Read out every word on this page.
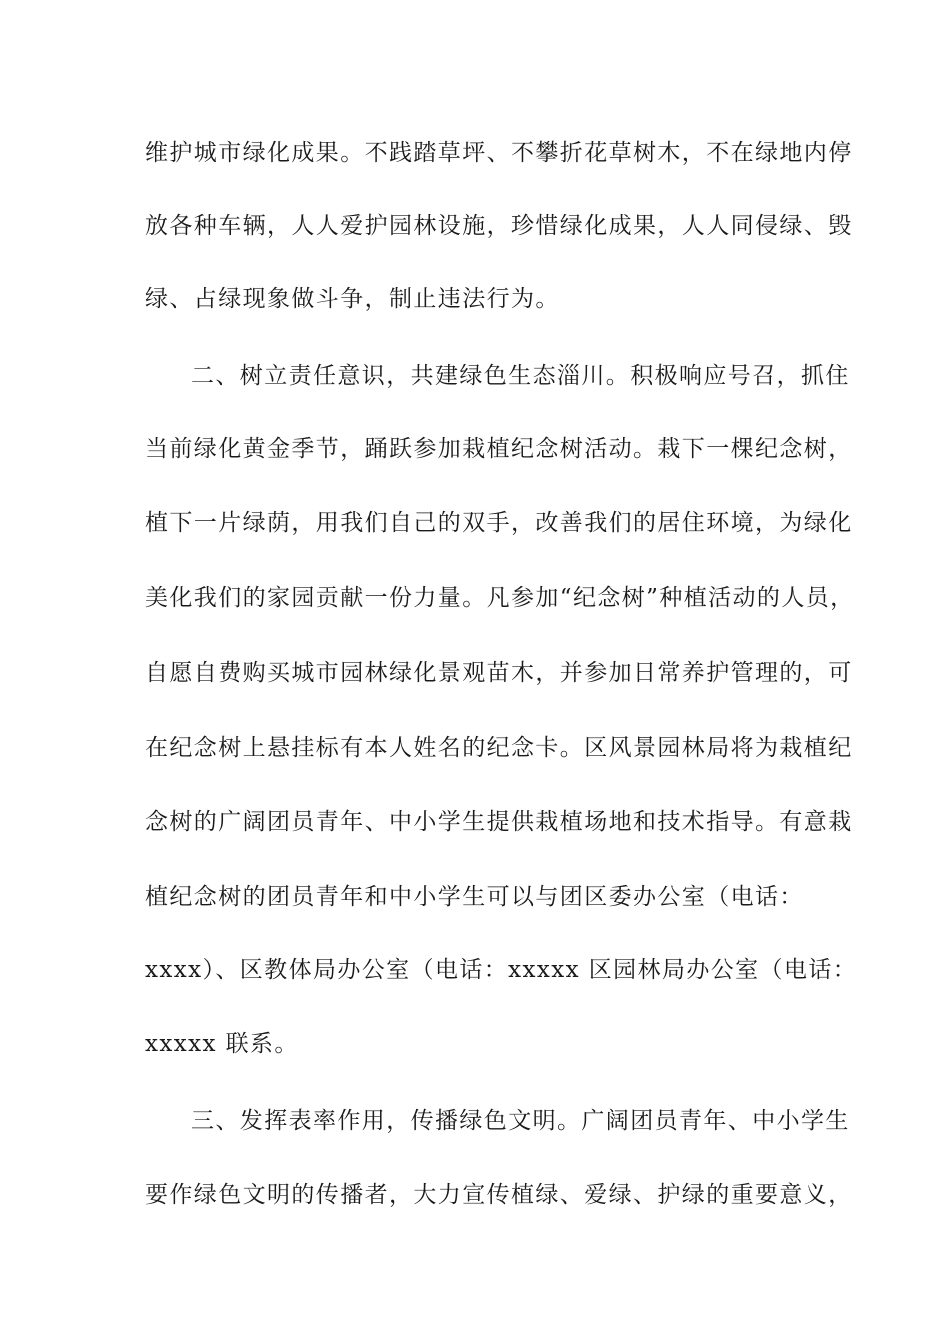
维护城市绿化成果。不践踏草坪、不攀折花草树木，不在绿地内停
放各种车辆，人人爱护园林设施，珍惜绿化成果，人人同侵绿、毁
绿、占绿现象做斗争，制止违法行为。
二、树立责任意识，共建绿色生态淄川。积极响应号召，抓住
当前绿化黄金季节，踊跃参加栽植纪念树活动。栽下一棵纪念树，
植下一片绿荫，用我们自己的双手，改善我们的居住环境，为绿化
美化我们的家园贡献一份力量。凡参加“纪念树”种植活动的人员，
自愿自费购买城市园林绿化景观苗木，并参加日常养护管理的，可
在纪念树上悬挂标有本人姓名的纪念卡。区风景园林局将为栽植纪
念树的广阔团员青年、中小学生提供栽植场地和技术指导。有意栽
植纪念树的团员青年和中小学生可以与团区委办公室（电话：
xxxx）、区教体局办公室（电话：xxxxx 区园林局办公室（电话：
xxxxx 联系。
三、发挥表率作用，传播绿色文明。广阔团员青年、中小学生
要作绿色文明的传播者，大力宣传植绿、爱绿、护绿的重要意义，
